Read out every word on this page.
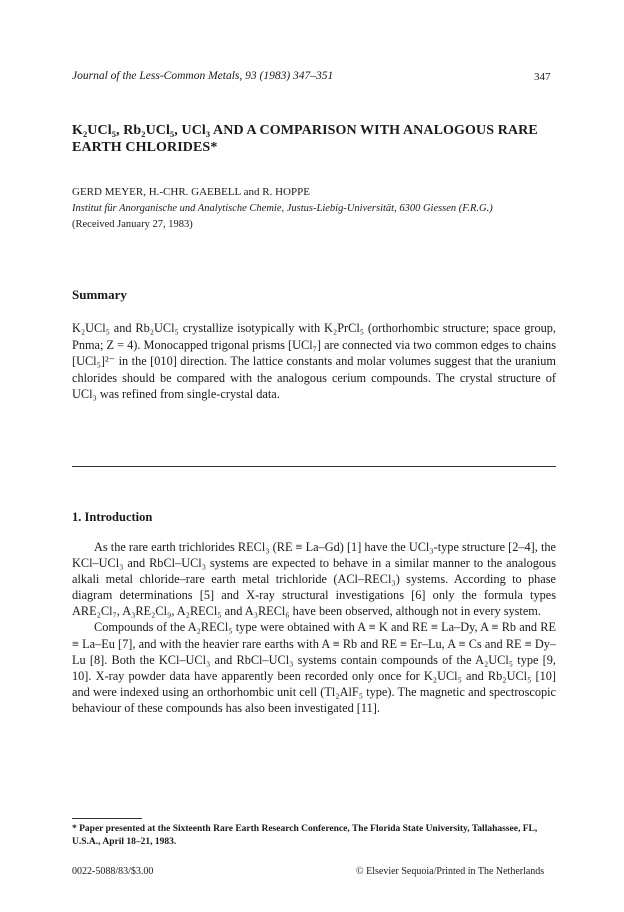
Journal of the Less-Common Metals, 93 (1983) 347–351	347
K₂UCl₅, Rb₂UCl₅, UCl₃ AND A COMPARISON WITH ANALOGOUS RARE EARTH CHLORIDES*
GERD MEYER, H.-CHR. GAEBELL and R. HOPPE
Institut für Anorganische und Analytische Chemie, Justus-Liebig-Universität, 6300 Giessen (F.R.G.)
(Received January 27, 1983)
Summary
K₂UCl₅ and Rb₂UCl₅ crystallize isotypically with K₂PrCl₅ (orthorhombic structure; space group, Pnma; Z = 4). Monocapped trigonal prisms [UCl₇] are connected via two common edges to chains [UCl₅]²⁻ in the [010] direction. The lattice constants and molar volumes suggest that the uranium chlorides should be compared with the analogous cerium compounds. The crystal structure of UCl₃ was refined from single-crystal data.
1. Introduction

As the rare earth trichlorides RECl₃ (RE ≡ La–Gd) [1] have the UCl₃-type structure [2–4], the KCl–UCl₃ and RbCl–UCl₃ systems are expected to behave in a similar manner to the analogous alkali metal chloride–rare earth metal trichloride (ACl–RECl₃) systems. According to phase diagram determinations [5] and X-ray structural investigations [6] only the formula types ARE₂Cl₇, A₃RE₂Cl₉, A₂RECl₅ and A₃RECl₆ have been observed, although not in every system.

Compounds of the A₂RECl₅ type were obtained with A ≡ K and RE ≡ La–Dy, A ≡ Rb and RE ≡ La–Eu [7], and with the heavier rare earths with A ≡ Rb and RE ≡ Er–Lu, A ≡ Cs and RE ≡ Dy–Lu [8]. Both the KCl–UCl₃ and RbCl–UCl₃ systems contain compounds of the A₂UCl₅ type [9, 10]. X-ray powder data have apparently been recorded only once for K₂UCl₅ and Rb₂UCl₅ [10] and were indexed using an orthorhombic unit cell (Tl₂AlF₅ type). The magnetic and spectroscopic behaviour of these compounds has also been investigated [11].

* Paper presented at the Sixteenth Rare Earth Research Conference, The Florida State University, Tallahassee, FL, U.S.A., April 18–21, 1983.
0022-5088/83/$3.00	© Elsevier Sequoia/Printed in The Netherlands
